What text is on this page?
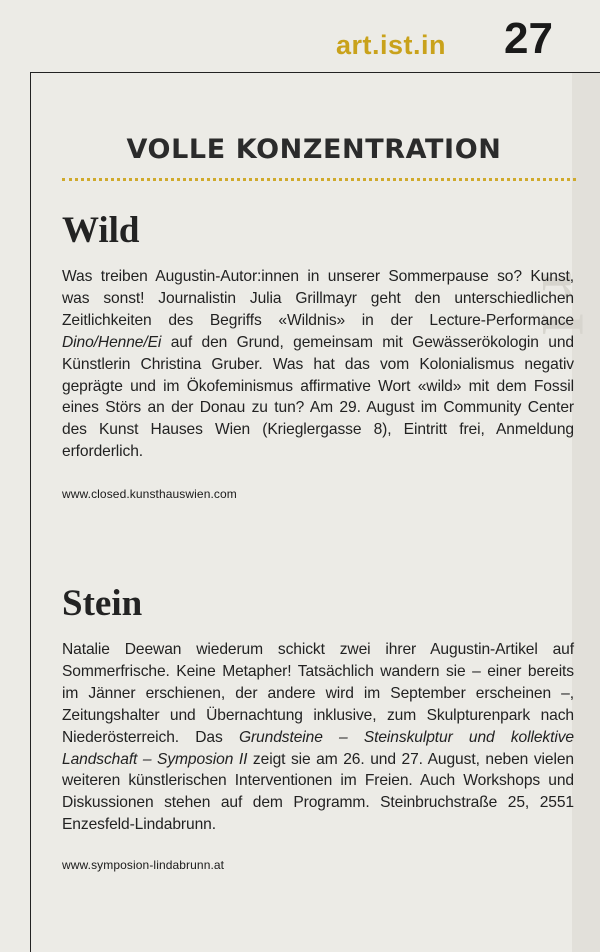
r I
art.ist.in 27
VOLLE KONZENTRATION
Wild

Was treiben Augustin-Autor:innen in unserer Sommerpause so? Kunst, was sonst! Journalistin Julia Grillmayr geht den unterschiedlichen Zeitlichkeiten des Begriffs «Wildnis» in der Lecture-Performance Dino/Henne/Ei auf den Grund, gemeinsam mit Gewässerökologin und Künstlerin Christina Gruber. Was hat das vom Kolonialismus negativ geprägte und im Ökofeminismus affirmative Wort «wild» mit dem Fossil eines Störs an der Donau zu tun? Am 29. August im Community Center des Kunst Hauses Wien (Krieglergasse 8), Eintritt frei, Anmeldung erforderlich.

www.closed.kunsthauswien.com
Stein

Natalie Deewan wiederum schickt zwei ihrer Augustin-Artikel auf Sommerfrische. Keine Metapher! Tatsächlich wandern sie – einer bereits im Jänner erschienen, der andere wird im September erscheinen –, Zeitungshalter und Übernachtung inklusive, zum Skulpturenpark nach Niederösterreich. Das Grundsteine – Steinskulptur und kollektive Landschaft – Symposion II zeigt sie am 26. und 27. August, neben vielen weiteren künstlerischen Interventionen im Freien. Auch Workshops und Diskussionen stehen auf dem Programm. Steinbruchstraße 25, 2551 Enzesfeld-Lindabrunn.

www.symposion-lindabrunn.at
